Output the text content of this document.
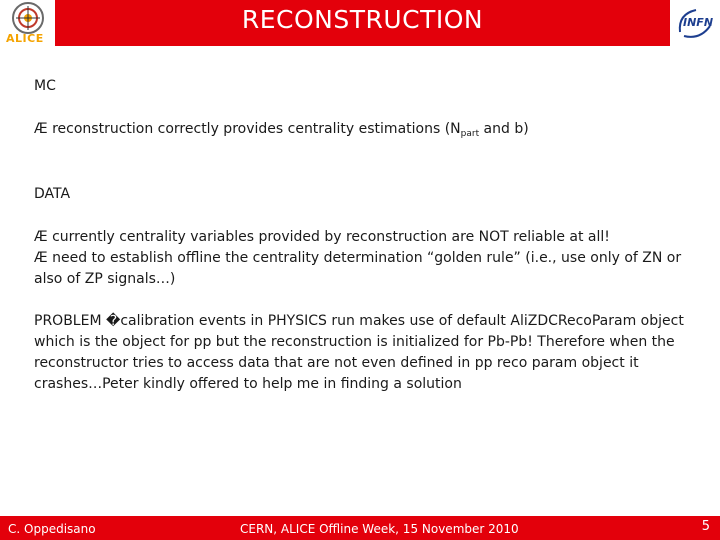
RECONSTRUCTION
ALICE
INFN

MC

Æ reconstruction correctly provides centrality estimations ($N_{part}$ and b)

DATA

Æ currently centrality variables provided by reconstruction are NOT reliable at all!

Æ need to establish offline the centrality determination “golden rule” (i.e., use only of ZN or also of ZP signals…)

PROBLEM �calibration events in PHYSICS run makes use of default AliZDCRecoParam object which is the object for pp but the reconstruction is initialized for Pb-Pb! Therefore when the reconstructor tries to access data that are not even defined in pp reco param object it crashes…Peter kindly offered to help me in finding a solution

C. Oppedisano	CERN, ALICE Offline Week, 15 November 2010	5
